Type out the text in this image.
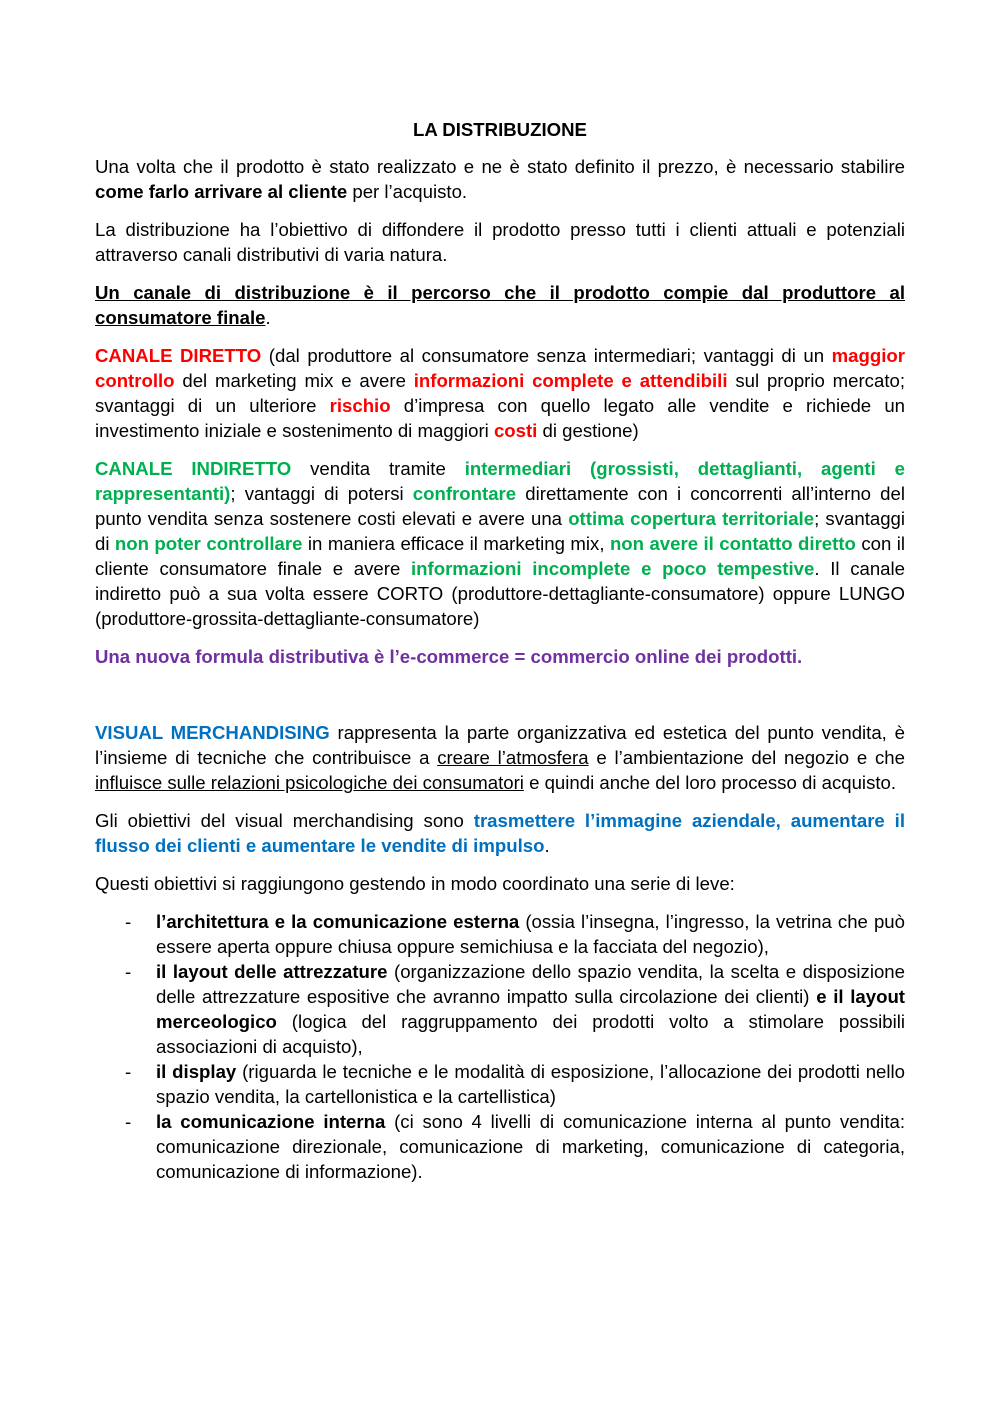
LA DISTRIBUZIONE

Una volta che il prodotto è stato realizzato e ne è stato definito il prezzo, è necessario stabilire come farlo arrivare al cliente per l’acquisto.

La distribuzione ha l’obiettivo di diffondere il prodotto presso tutti i clienti attuali e potenziali attraverso canali distributivi di varia natura.

Un canale di distribuzione è il percorso che il prodotto compie dal produttore al consumatore finale.

CANALE DIRETTO (dal produttore al consumatore senza intermediari; vantaggi di un maggior controllo del marketing mix e avere informazioni complete e attendibili sul proprio mercato; svantaggi di un ulteriore rischio d’impresa con quello legato alle vendite e richiede un investimento iniziale e sostenimento di maggiori costi di gestione)

CANALE INDIRETTO vendita tramite intermediari (grossisti, dettaglianti, agenti e rappresentanti); vantaggi di potersi confrontare direttamente con i concorrenti all’interno del punto vendita senza sostenere costi elevati e avere una ottima copertura territoriale; svantaggi di non poter controllare in maniera efficace il marketing mix, non avere il contatto diretto con il cliente consumatore finale e avere informazioni incomplete e poco tempestive. Il canale indiretto può a sua volta essere CORTO (produttore-dettagliante-consumatore) oppure LUNGO (produttore-grossita-dettagliante-consumatore)

Una nuova formula distributiva è l’e-commerce = commercio online dei prodotti.

VISUAL MERCHANDISING rappresenta la parte organizzativa ed estetica del punto vendita, è l’insieme di tecniche che contribuisce a creare l’atmosfera e l’ambientazione del negozio e che influisce sulle relazioni psicologiche dei consumatori e quindi anche del loro processo di acquisto.

Gli obiettivi del visual merchandising sono trasmettere l’immagine aziendale, aumentare il flusso dei clienti e aumentare le vendite di impulso.

Questi obiettivi si raggiungono gestendo in modo coordinato una serie di leve:

- l’architettura e la comunicazione esterna (ossia l’insegna, l’ingresso, la vetrina che può essere aperta oppure chiusa oppure semichiusa e la facciata del negozio),
- il layout delle attrezzature (organizzazione dello spazio vendita, la scelta e disposizione delle attrezzature espositive che avranno impatto sulla circolazione dei clienti) e il layout merceologico (logica del raggruppamento dei prodotti volto a stimolare possibili associazioni di acquisto),
- il display (riguarda le tecniche e le modalità di esposizione, l’allocazione dei prodotti nello spazio vendita, la cartellonistica e la cartellistica)
- la comunicazione interna (ci sono 4 livelli di comunicazione interna al punto vendita: comunicazione direzionale, comunicazione di marketing, comunicazione di categoria, comunicazione di informazione).
